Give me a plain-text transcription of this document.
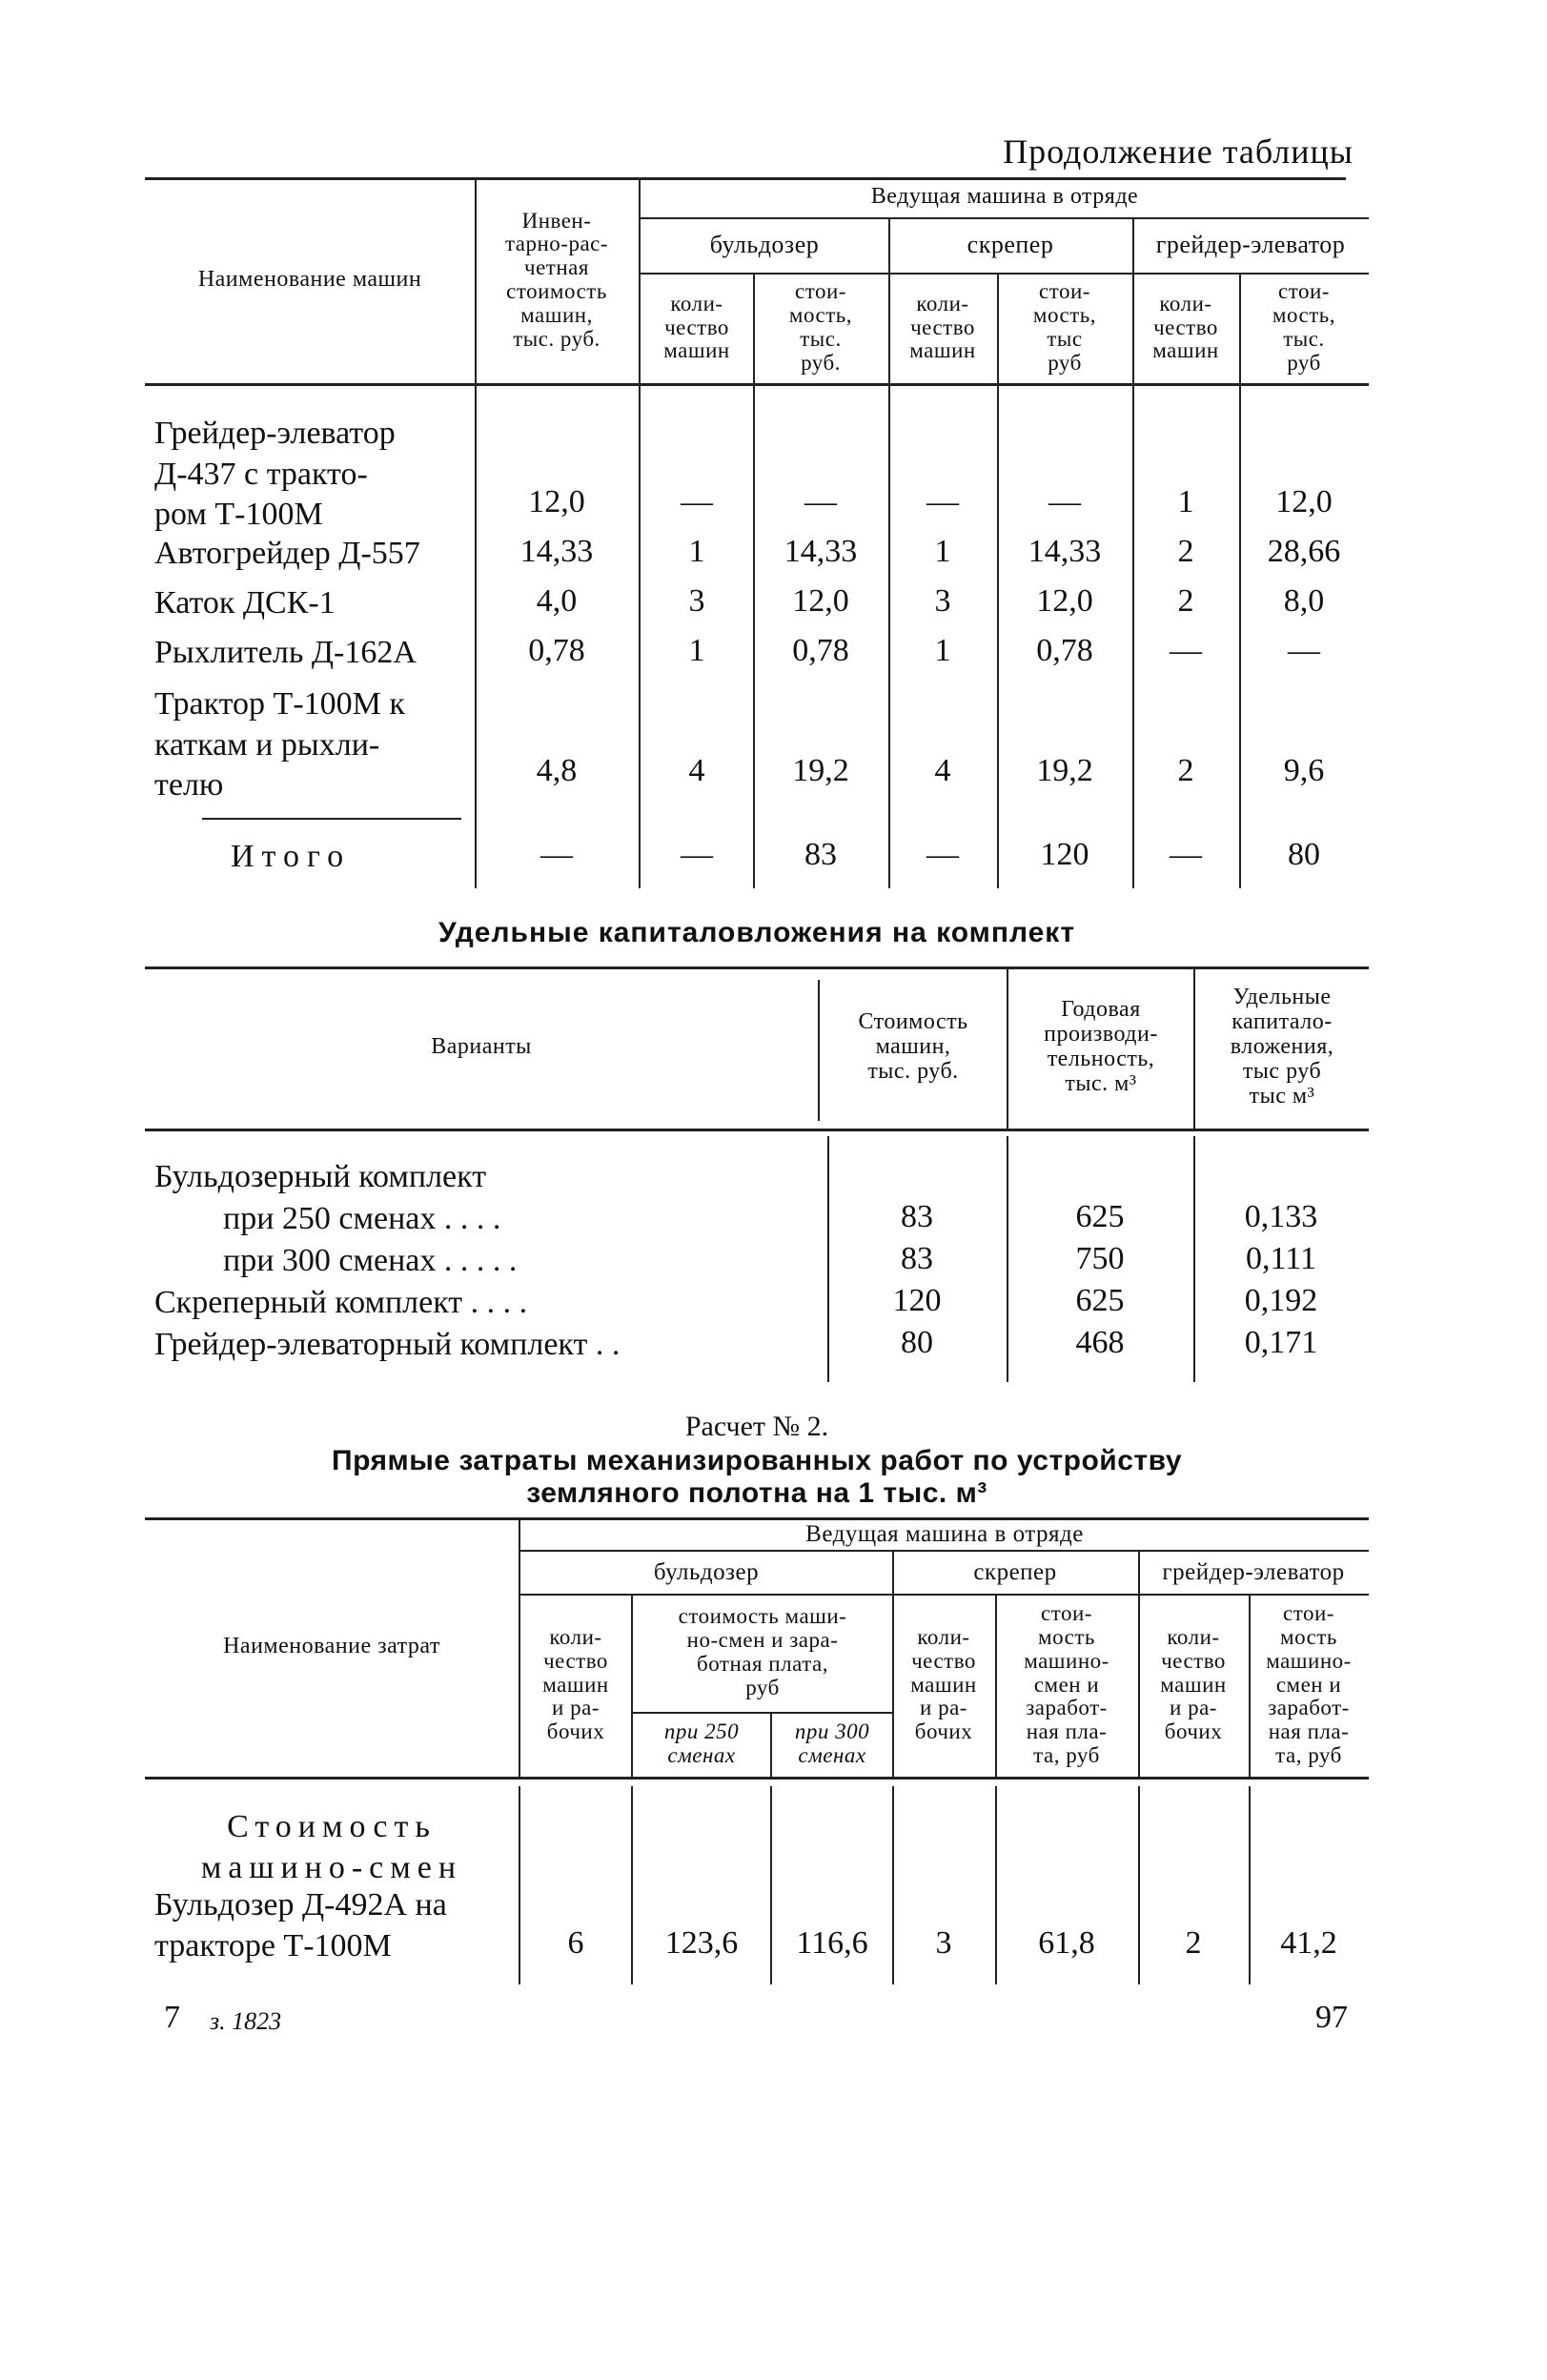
Продолжение таблицы
Наименование машин
Инвен-
тарно-рас-
четная
стоимость
машин,
тыс. руб.
Ведущая машина в отряде
бульдозер	скрепер	грейдер-элеватор
коли-
чество
машин
стои-
мость,
тыс.
руб.
коли-
чество
машин
стои-
мость,
тыс
руб
коли-
чество
машин
стои-
мость,
тыс.
руб
Грейдер-элеватор
Д-437 с тракто-
ром Т-100М	12,0	—	—	—	—	1	12,0
Автогрейдер Д-557	14,33	1	14,33	1	14,33	2	28,66
Каток ДСК-1	4,0	3	12,0	3	12,0	2	8,0
Рыхлитель Д-162А	0,78	1	0,78	1	0,78	—	—
Трактор Т-100М к
каткам и рыхли-
телю	4,8	4	19,2	4	19,2	2	9,6
Итого	—	—	83	—	120	—	80
Удельные капиталовложения на комплект
Варианты
Стоимость
машин,
тыс. руб.
Годовая
производи-
тельность,
тыс. м³
Удельные
капитало-
вложения,
тыс руб
тыс м³
Бульдозерный комплект
при 250 сменах . . . .	83	625	0,133
при 300 сменах . . . . .	83	750	0,111
Скреперный комплект . . . .	120	625	0,192
Грейдер-элеваторный комплект . .	80	468	0,171
Расчет № 2.
Прямые затраты механизированных работ по устройству
земляного полотна на 1 тыс. м³
Наименование затрат
Ведущая машина в отряде
бульдозер	скрепер	грейдер-элеватор
коли-
чество
машин
и ра-
бочих
стоимость маши-
но-смен и зара-
ботная плата,
руб
при 250
сменах
при 300
сменах
коли-
чество
машин
и ра-
бочих
стои-
мость
машино-
смен и
заработ-
ная пла-
та, руб
коли-
чество
машин
и ра-
бочих
стои-
мость
машино-
смен и
заработ-
ная пла-
та, руб
Стоимость
машино-смен
Бульдозер Д-492А на
тракторе Т-100М	6	123,6	116,6	3	61,8	2	41,2
7 з. 1823	97
